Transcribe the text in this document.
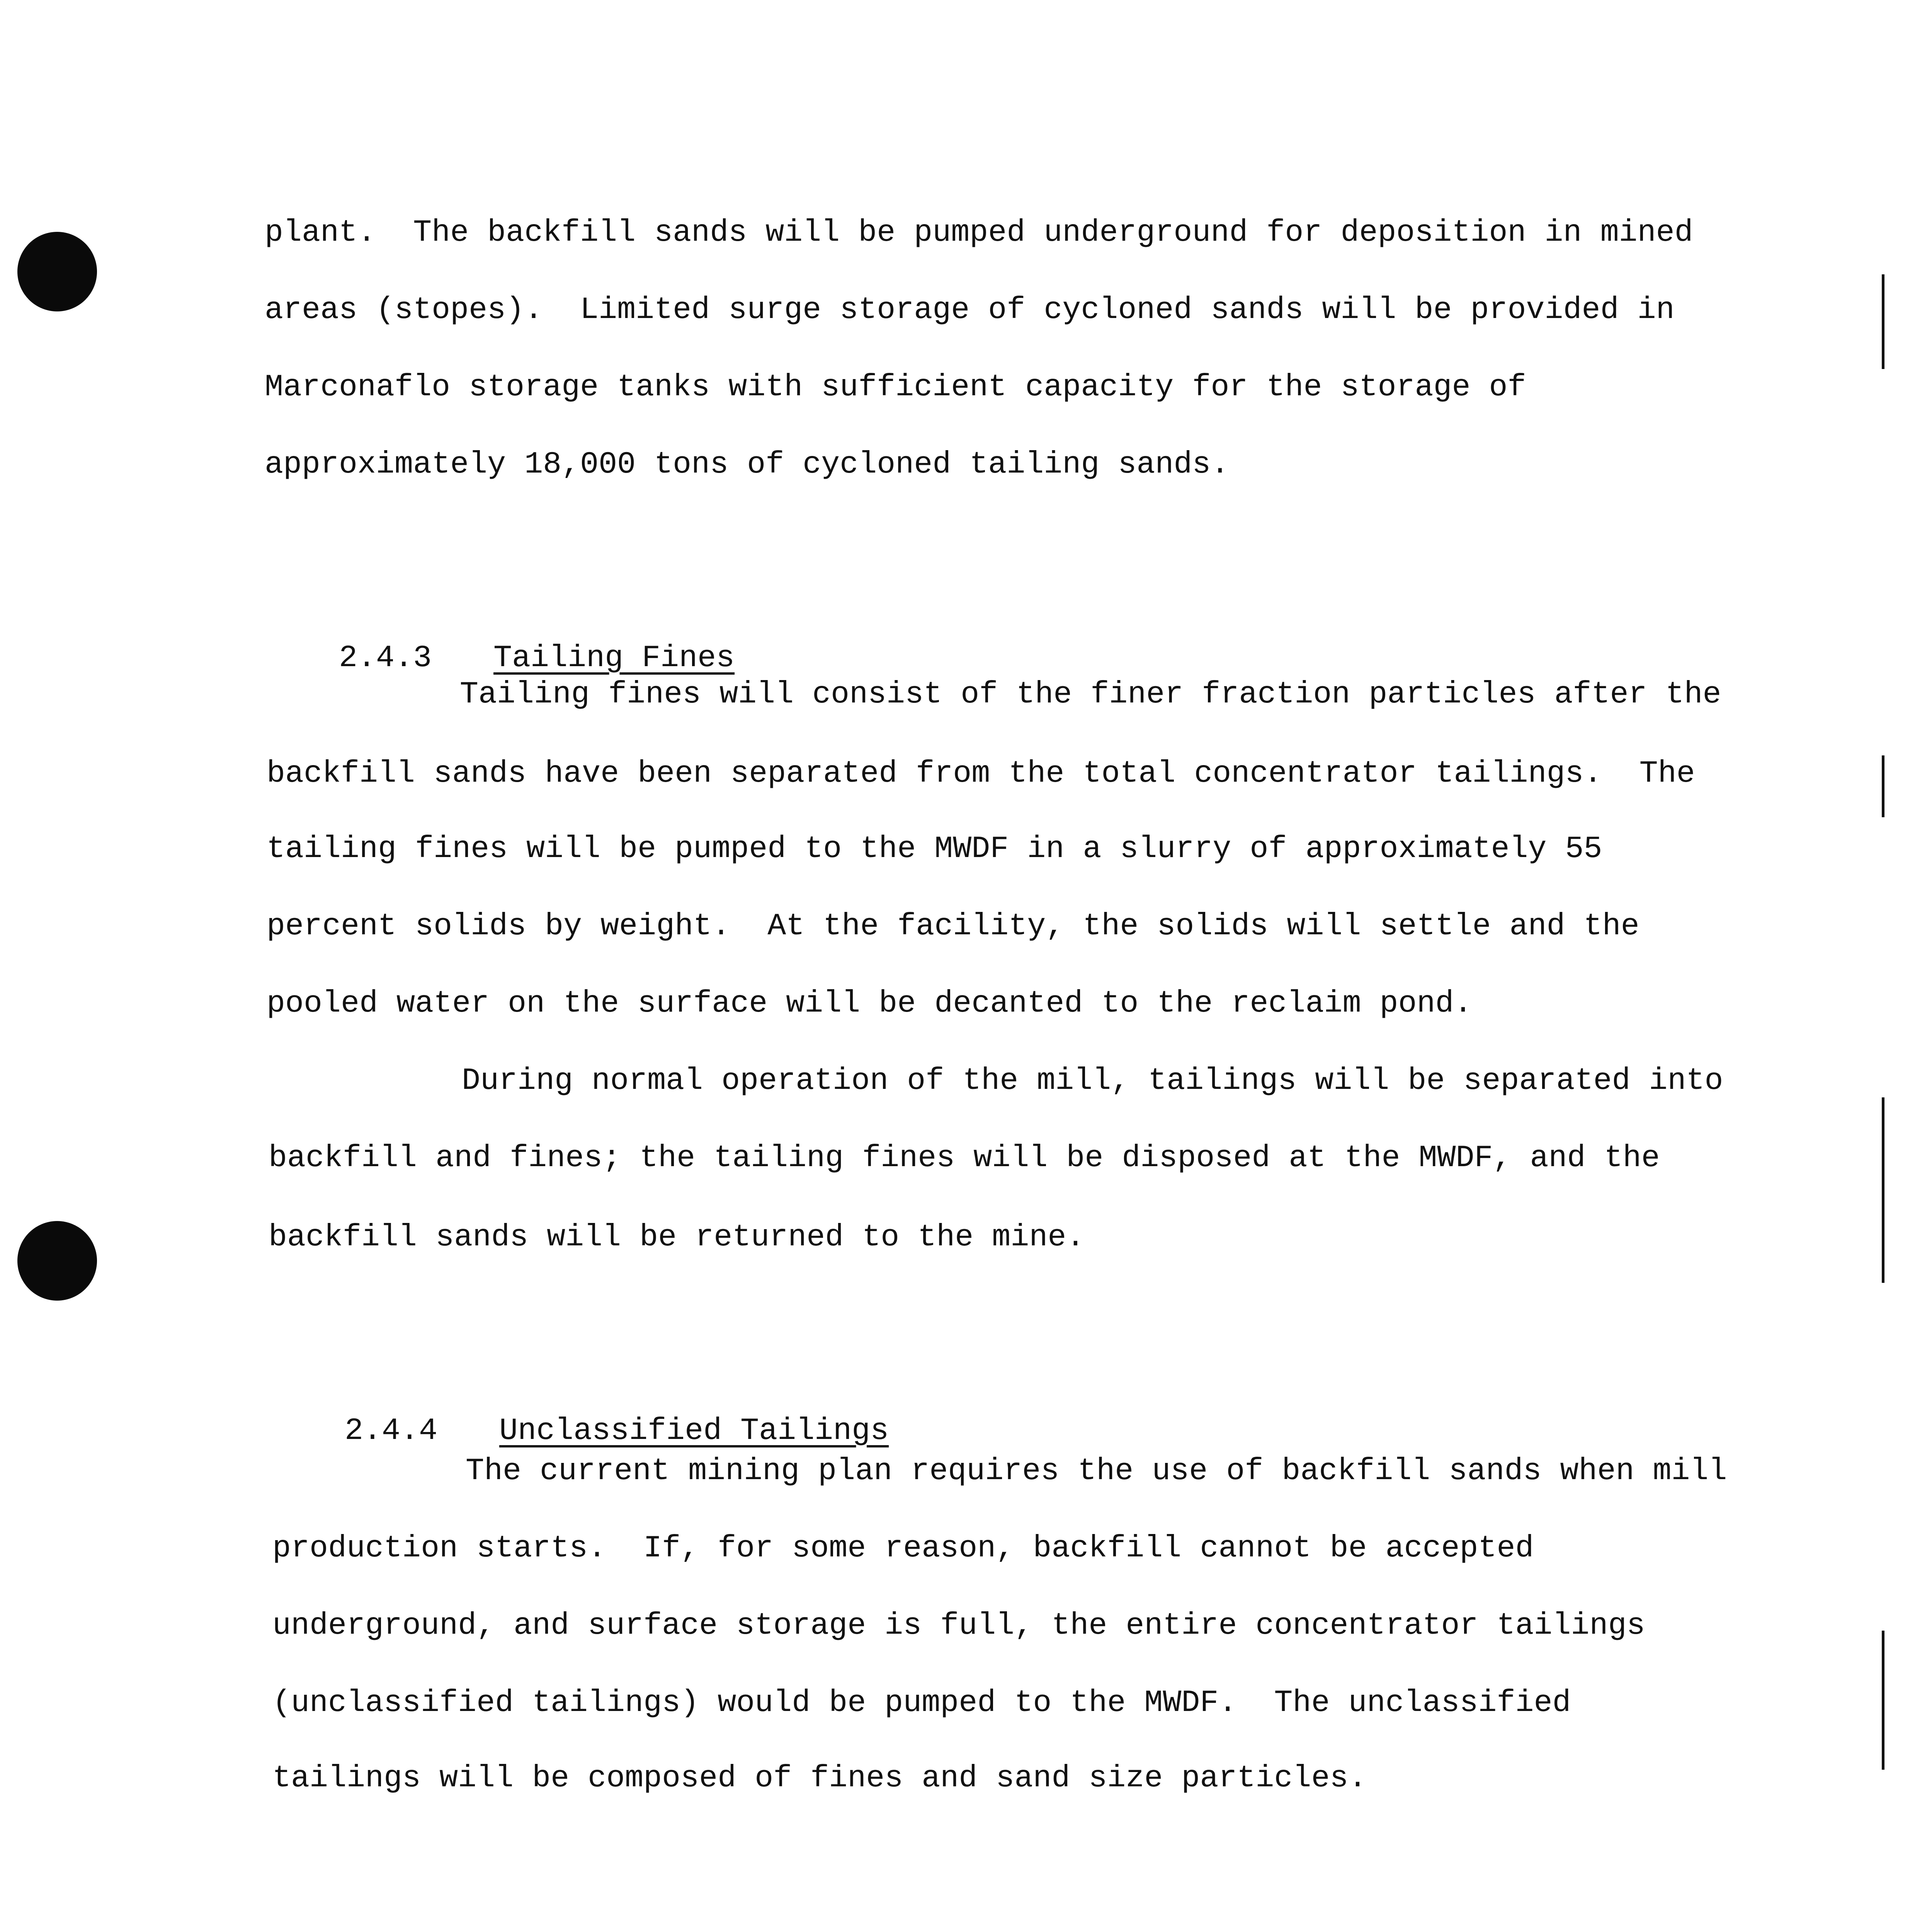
plant.  The backfill sands will be pumped underground for deposition in mined
areas (stopes).  Limited surge storage of cycloned sands will be provided in
Marconaflo storage tanks with sufficient capacity for the storage of
approximately 18,000 tons of cycloned tailing sands.

2.4.3 Tailing Fines

Tailing fines will consist of the finer fraction particles after the
backfill sands have been separated from the total concentrator tailings.  The
tailing fines will be pumped to the MWDF in a slurry of approximately 55
percent solids by weight.  At the facility, the solids will settle and the
pooled water on the surface will be decanted to the reclaim pond.
During normal operation of the mill, tailings will be separated into
backfill and fines; the tailing fines will be disposed at the MWDF, and the
backfill sands will be returned to the mine.

2.4.4 Unclassified Tailings

The current mining plan requires the use of backfill sands when mill
production starts.  If, for some reason, backfill cannot be accepted
underground, and surface storage is full, the entire concentrator tailings
(unclassified tailings) would be pumped to the MWDF.  The unclassified
tailings will be composed of fines and sand size particles.
